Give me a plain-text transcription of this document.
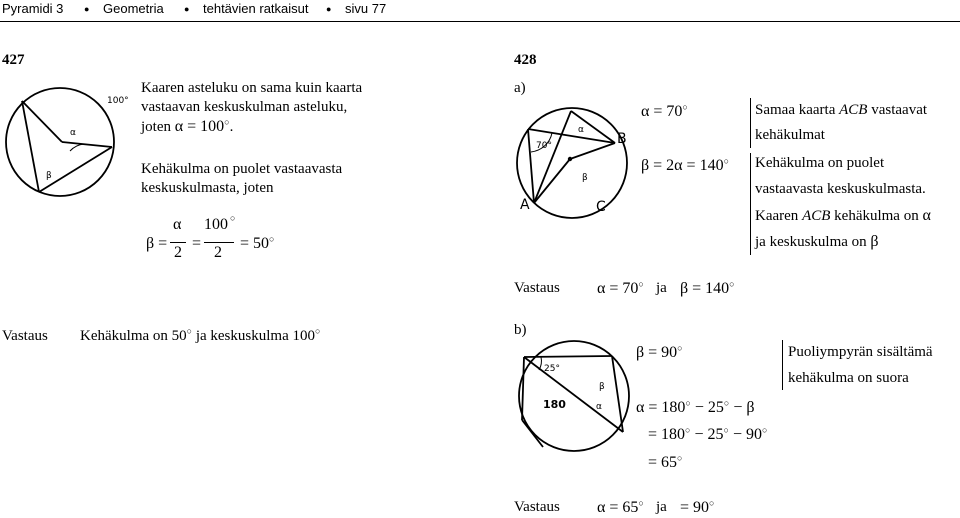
Pyramidi 3 ● Geometria ● tehtävien ratkaisut ● sivu 77
427
100°
α
β
Kaaren asteluku on sama kuin kaarta
vastaavan keskuskulman asteluku,
joten α = 100○.
Kehäkulma on puolet vastaavasta
keskuskulmasta, joten
β =
α
2
=
100 ○
2
= 50○
Vastaus Kehäkulma on 50○ ja keskuskulma 100○
428
a)
70°
α
β
A
B
C
α = 70○
β = 2α = 140○
Samaa kaarta ACB vastaavat
kehäkulmat
Kehäkulma on puolet
vastaavasta keskuskulmasta.
Kaaren ACB kehäkulma on α
ja keskuskulma on β
Vastaus α = 70○ ja β = 140○
b)
25°
β
α
180
β = 90○
α = 180○ − 25○ − β
= 180○ − 25○ − 90○
= 65○
Puoliympyrän sisältämä
kehäkulma on suora
Vastaus α = 65○ ja = 90○
